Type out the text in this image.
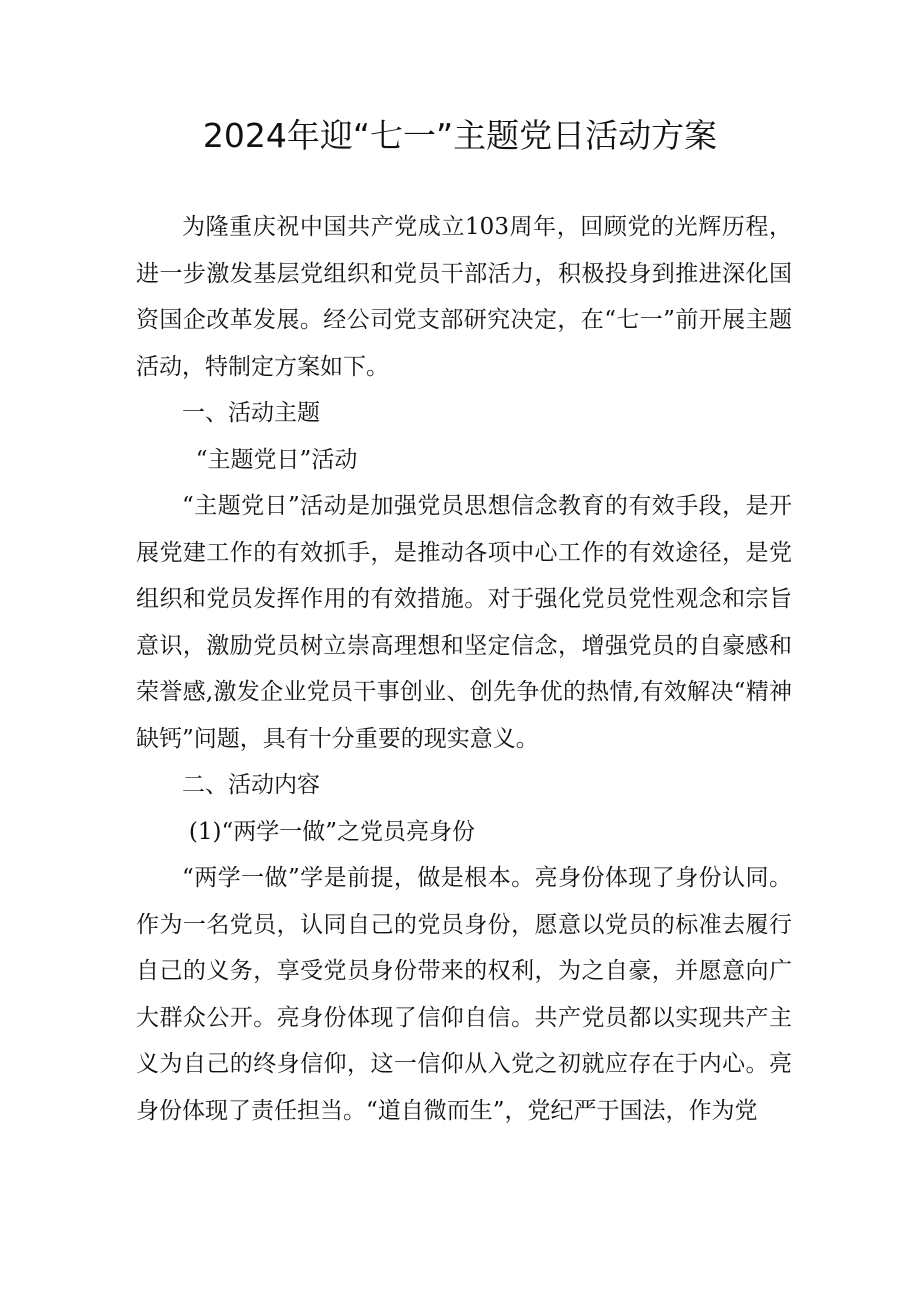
2024年迎“七一”主题党日活动方案

为隆重庆祝中国共产党成立103周年，回顾党的光辉历程，进一步激发基层党组织和党员干部活力，积极投身到推进深化国资国企改革发展。经公司党支部研究决定，在“七一”前开展主题活动，特制定方案如下。

一、活动主题

“主题党日”活动

“主题党日”活动是加强党员思想信念教育的有效手段，是开展党建工作的有效抓手，是推动各项中心工作的有效途径，是党组织和党员发挥作用的有效措施。对于强化党员党性观念和宗旨意识，激励党员树立崇高理想和坚定信念，增强党员的自豪感和荣誉感,激发企业党员干事创业、创先争优的热情,有效解决“精神缺钙”问题，具有十分重要的现实意义。

二、活动内容

(1)“两学一做”之党员亮身份

“两学一做”学是前提，做是根本。亮身份体现了身份认同。作为一名党员，认同自己的党员身份，愿意以党员的标准去履行自己的义务，享受党员身份带来的权利，为之自豪，并愿意向广大群众公开。亮身份体现了信仰自信。共产党员都以实现共产主义为自己的终身信仰，这一信仰从入党之初就应存在于内心。亮身份体现了责任担当。“道自微而生”，党纪严于国法，作为党
